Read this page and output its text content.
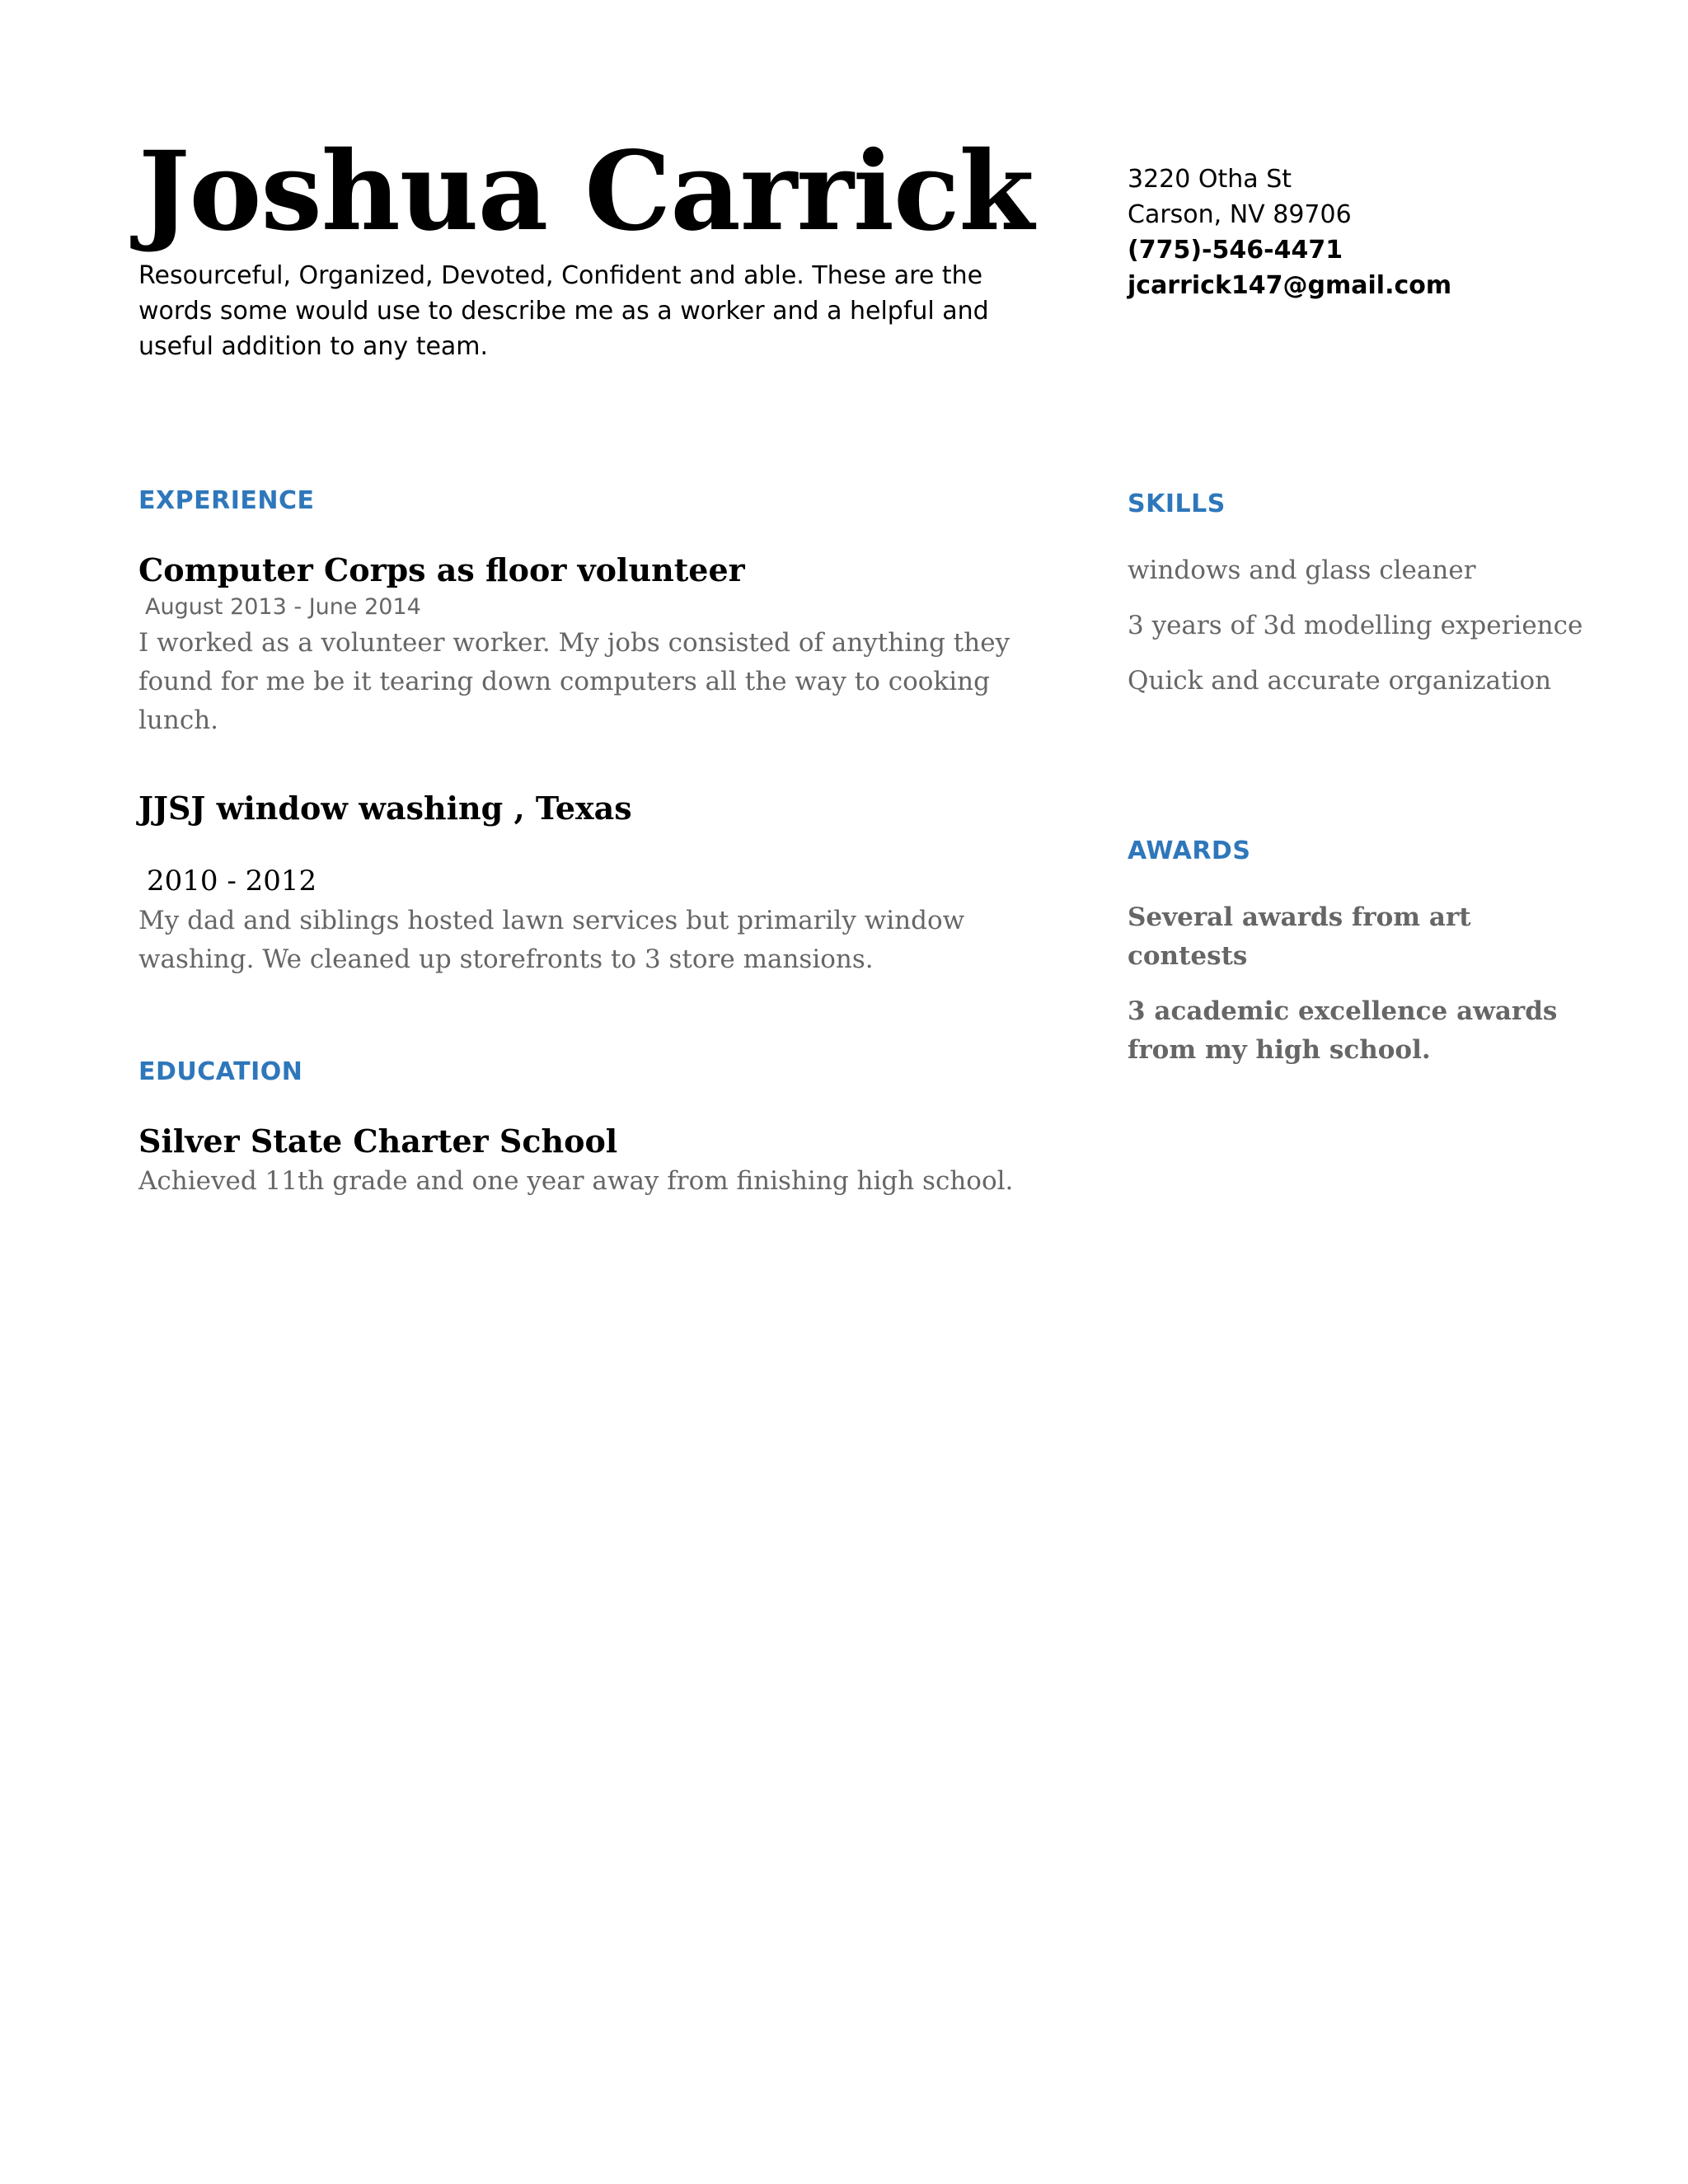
Joshua Carrick
Resourceful, Organized, Devoted, Confident and able. These are the words some would use to describe me as a worker and a helpful and useful addition to any team.
EXPERIENCE
Computer Corps as floor volunteer
August 2013 - June 2014
I worked as a volunteer worker. My jobs consisted of anything they found for me be it tearing down computers all the way to cooking lunch.
JJSJ window washing , Texas
2010 - 2012
My dad and siblings hosted lawn services but primarily window washing. We cleaned up storefronts to 3 store mansions.
EDUCATION
Silver State Charter School
Achieved 11th grade and one year away from finishing high school.
3220 Otha St
Carson, NV 89706
(775)-546-4471
jcarrick147@gmail.com
SKILLS
windows and glass cleaner
3 years of 3d modelling experience
Quick and accurate organization
AWARDS
Several awards from art contests
3 academic excellence awards from my high school.
